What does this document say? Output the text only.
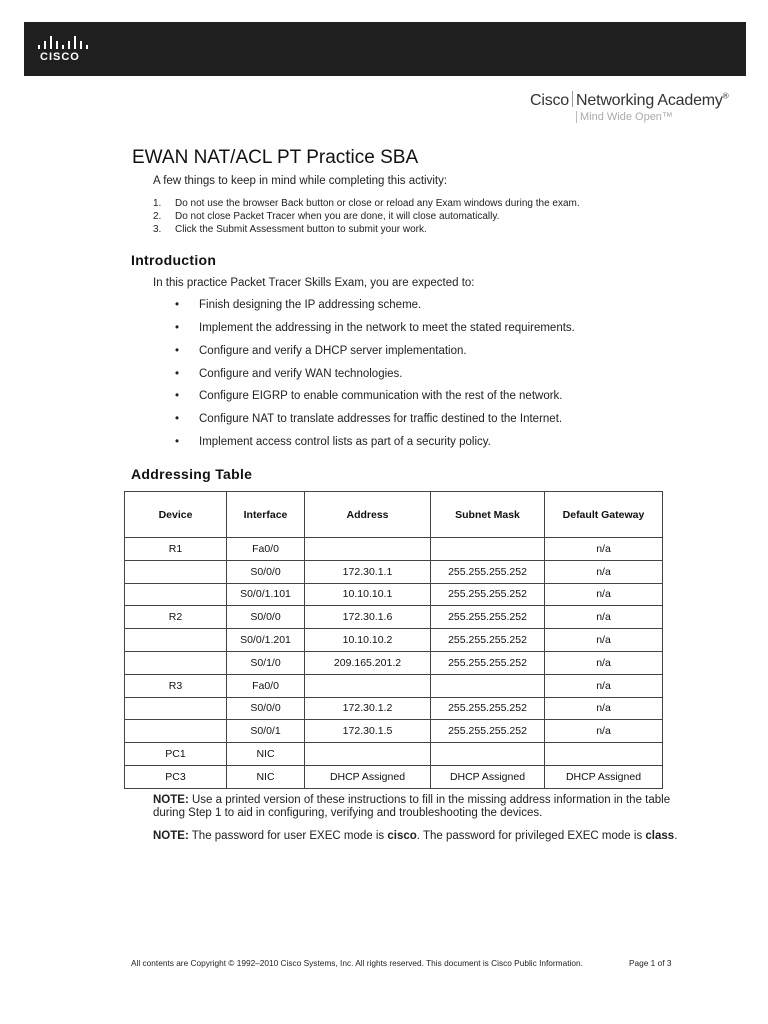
CISCO
Cisco Networking Academy®
Mind Wide Open™
EWAN NAT/ACL PT Practice SBA

A few things to keep in mind while completing this activity:

1. Do not use the browser Back button or close or reload any Exam windows during the exam.
2. Do not close Packet Tracer when you are done, it will close automatically.
3. Click the Submit Assessment button to submit your work.
Introduction

In this practice Packet Tracer Skills Exam, you are expected to:

• Finish designing the IP addressing scheme.
• Implement the addressing in the network to meet the stated requirements.
• Configure and verify a DHCP server implementation.
• Configure and verify WAN technologies.
• Configure EIGRP to enable communication with the rest of the network.
• Configure NAT to translate addresses for traffic destined to the Internet.
• Implement access control lists as part of a security policy.
Addressing Table
Device	Interface	Address	Subnet Mask	Default Gateway
R1	Fa0/0			n/a
	S0/0/0	172.30.1.1	255.255.255.252	n/a
	S0/0/1.101	10.10.10.1	255.255.255.252	n/a
R2	S0/0/0	172.30.1.6	255.255.255.252	n/a
	S0/0/1.201	10.10.10.2	255.255.255.252	n/a
	S0/1/0	209.165.201.2	255.255.255.252	n/a
R3	Fa0/0			n/a
	S0/0/0	172.30.1.2	255.255.255.252	n/a
	S0/0/1	172.30.1.5	255.255.255.252	n/a
PC1	NIC			
PC3	NIC	DHCP Assigned	DHCP Assigned	DHCP Assigned
NOTE: Use a printed version of these instructions to fill in the missing address information in the table during Step 1 to aid in configuring, verifying and troubleshooting the devices.
NOTE: The password for user EXEC mode is cisco. The password for privileged EXEC mode is class.
All contents are Copyright © 1992–2010 Cisco Systems, Inc. All rights reserved. This document is Cisco Public Information.	Page 1 of 3
